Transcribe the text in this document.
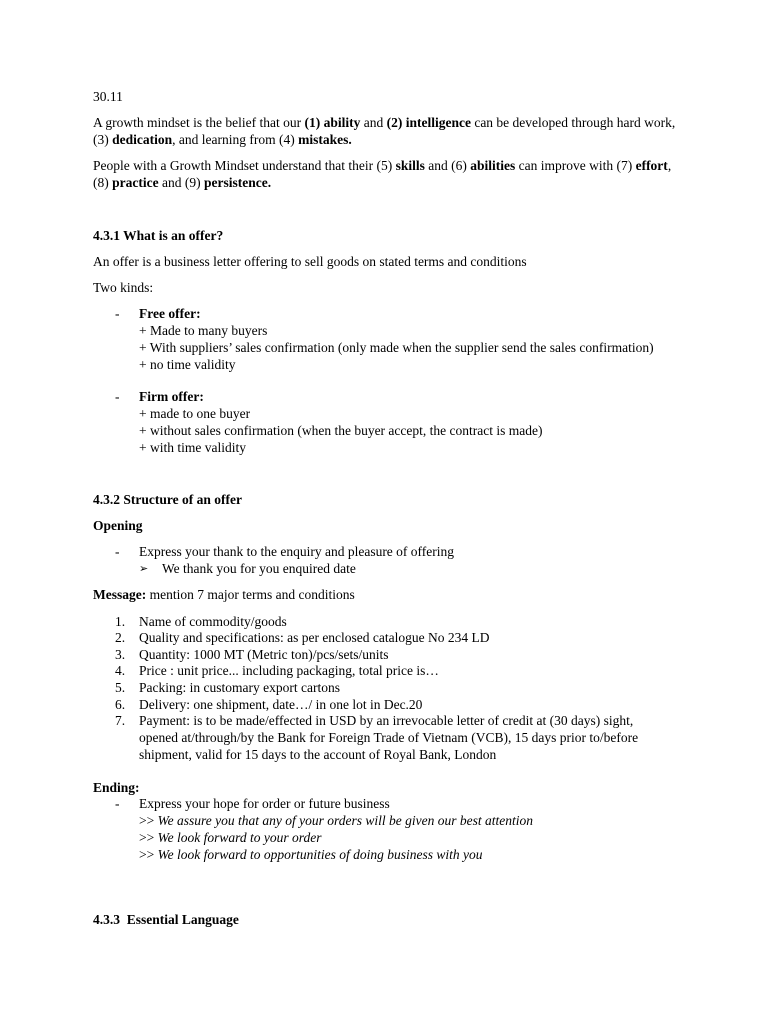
30.11

A growth mindset is the belief that our (1) ability and (2) intelligence can be developed through hard work, (3) dedication, and learning from (4) mistakes.

People with a Growth Mindset understand that their (5) skills and (6) abilities can improve with (7) effort, (8) practice and (9) persistence.

4.3.1 What is an offer?

An offer is a business letter offering to sell goods on stated terms and conditions

Two kinds:

- Free offer:
+ Made to many buyers
+ With suppliers’ sales confirmation (only made when the supplier send the sales confirmation)
+ no time validity
- Firm offer:
+ made to one buyer
+ without sales confirmation (when the buyer accept, the contract is made)
+ with time validity

4.3.2 Structure of an offer

Opening

- Express your thank to the enquiry and pleasure of offering
➢ We thank you for you enquired date

Message: mention 7 major terms and conditions

1. Name of commodity/goods
2. Quality and specifications: as per enclosed catalogue No 234 LD
3. Quantity: 1000 MT (Metric ton)/pcs/sets/units
4. Price : unit price... including packaging, total price is…
5. Packing: in customary export cartons
6. Delivery: one shipment, date…/ in one lot in Dec.20
7. Payment: is to be made/effected in USD by an irrevocable letter of credit at (30 days) sight, opened at/through/by the Bank for Foreign Trade of Vietnam (VCB), 15 days prior to/before shipment, valid for 15 days to the account of Royal Bank, London

Ending:

- Express your hope for order or future business
>> We assure you that any of your orders will be given our best attention
>> We look forward to your order
>> We look forward to opportunities of doing business with you

4.3.3  Essential Language
